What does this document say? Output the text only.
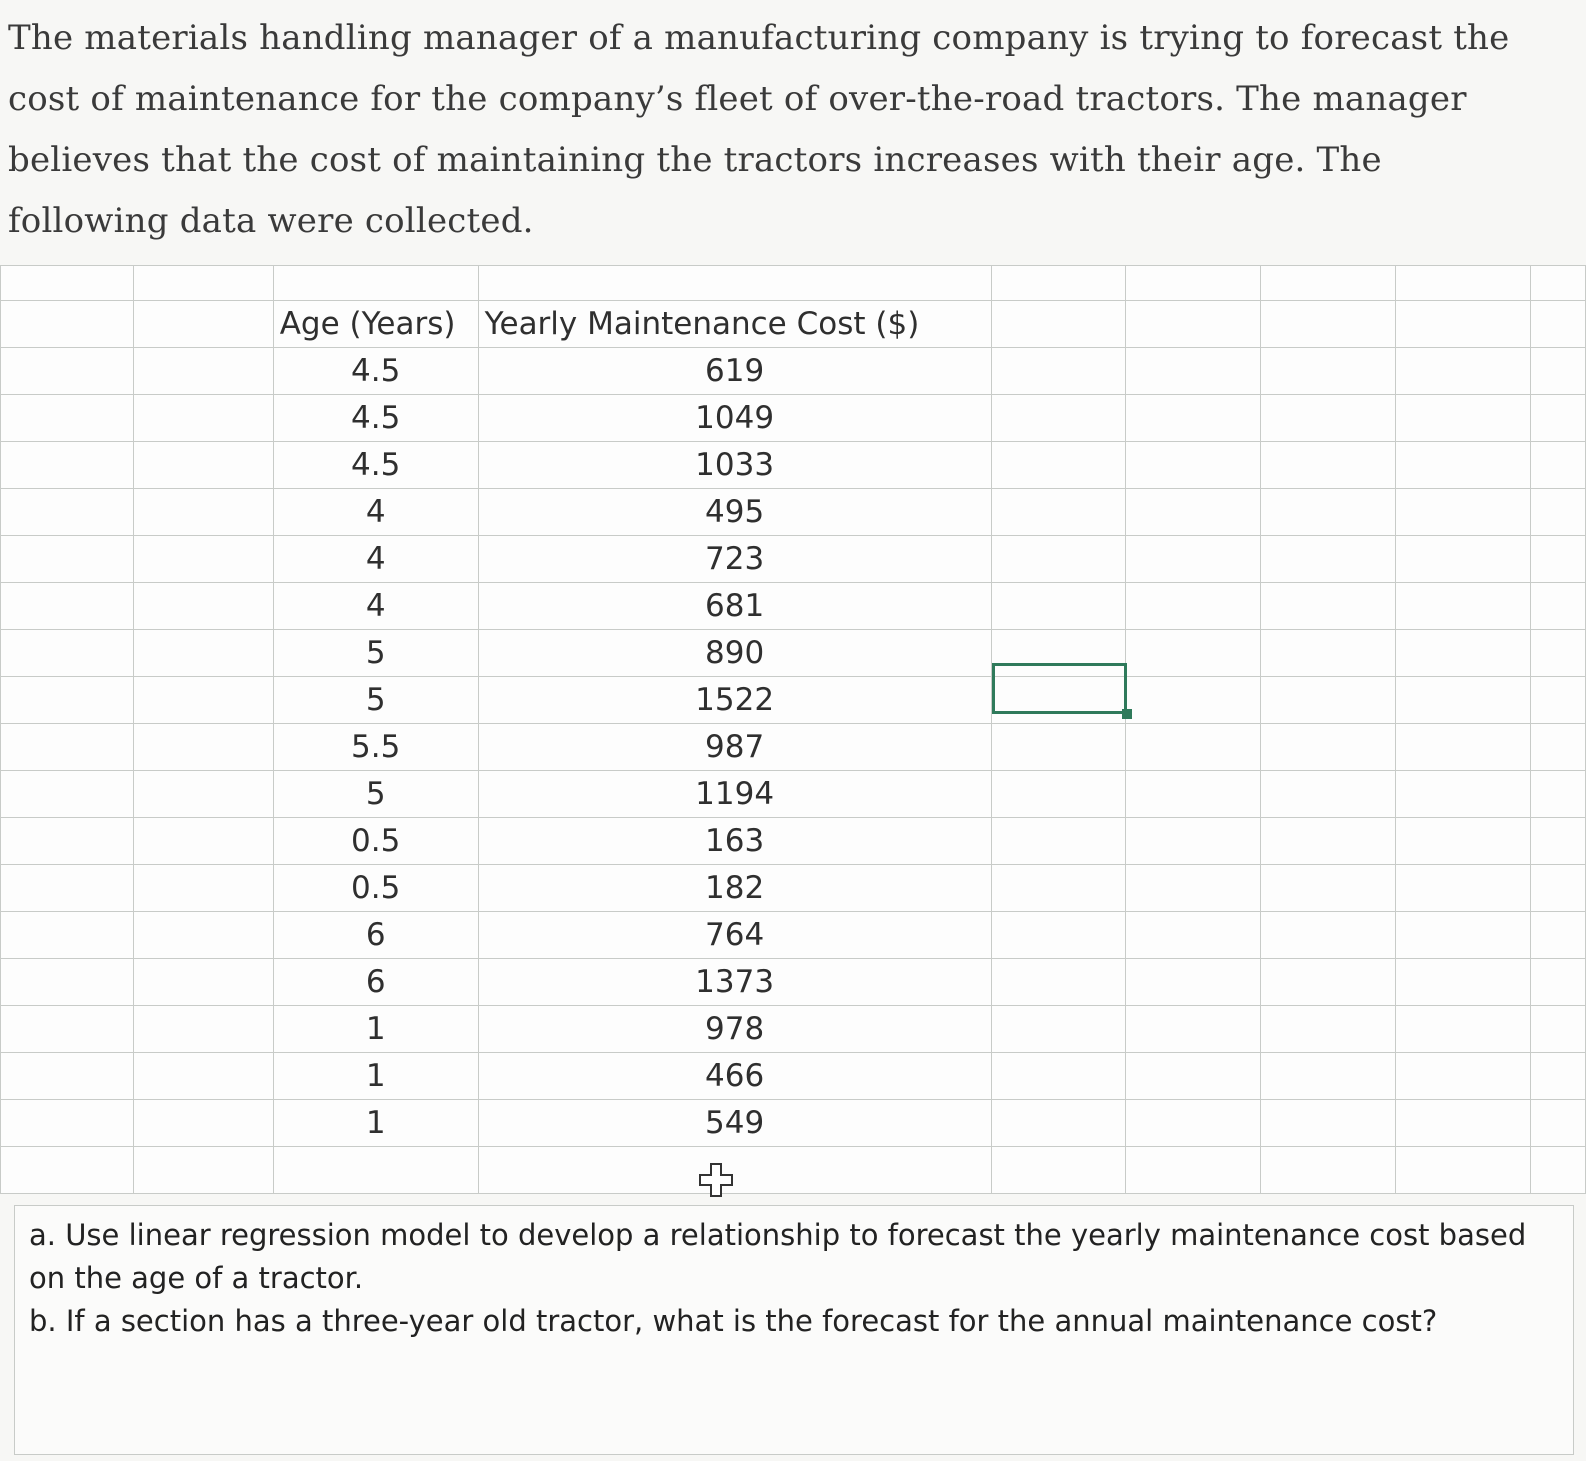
The materials handling manager of a manufacturing company is trying to forecast the cost of maintenance for the company’s fleet of over-the-road tractors. The manager believes that the cost of maintaining the tractors increases with their age. The following data were collected.

		Age (Years)	Yearly Maintenance Cost ($)					
		4.5	619					
		4.5	1049					
		4.5	1033					
		4	495					
		4	723					
		4	681					
		5	890					
		5	1522					
		5.5	987					
		5	1194					
		0.5	163					
		0.5	182					
		6	764					
		6	1373					
		1	978					
		1	466					
		1	549					

a. Use linear regression model to develop a relationship to forecast the yearly maintenance cost based on the age of a tractor.
b. If a section has a three-year old tractor, what is the forecast for the annual maintenance cost?
